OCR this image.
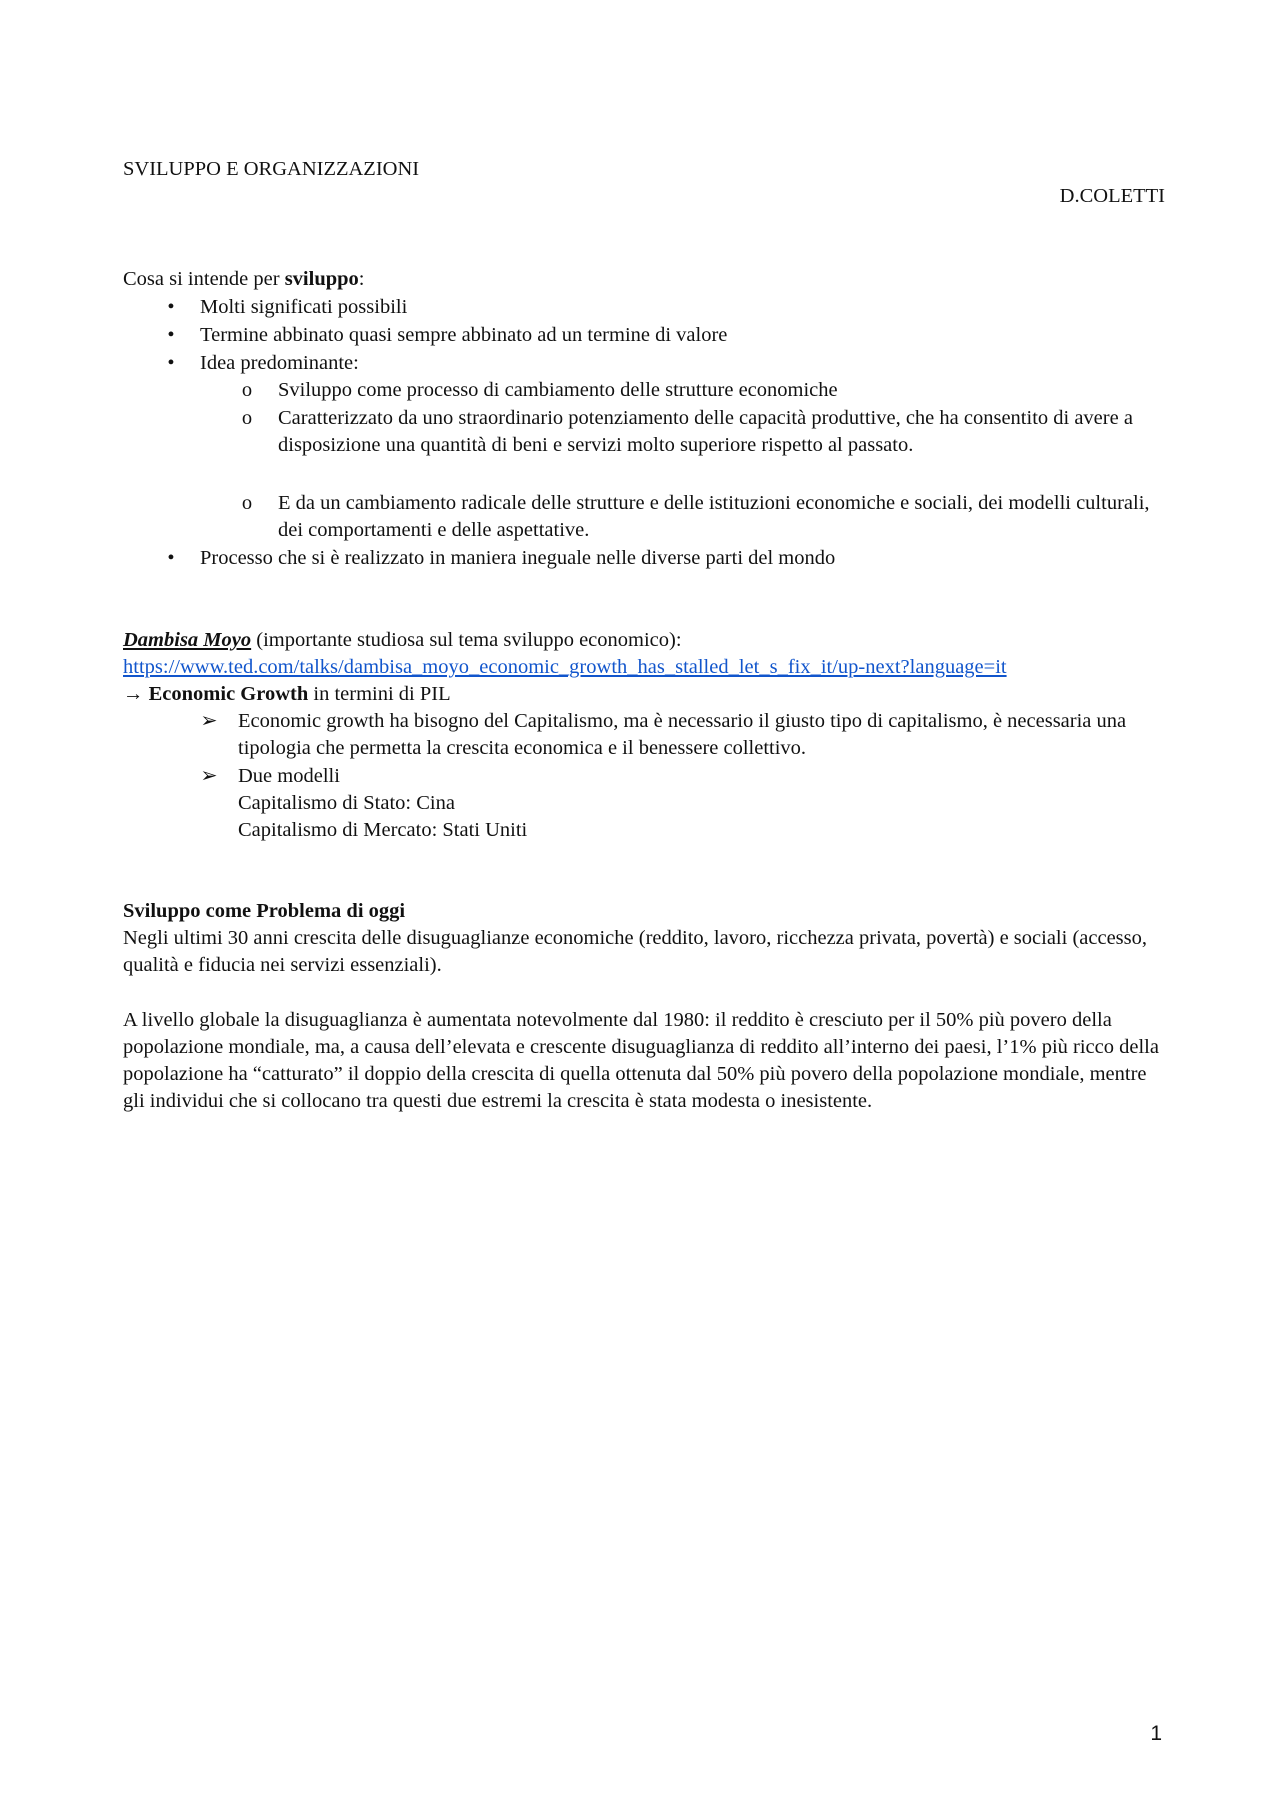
SVILUPPO E ORGANIZZAZIONI
D.COLETTI
Cosa si intende per sviluppo:
•	Molti significati possibili
•	Termine abbinato quasi sempre abbinato ad un termine di valore
•	Idea predominante:
o Sviluppo come processo di cambiamento delle strutture economiche
o Caratterizzato da uno straordinario potenziamento delle capacità produttive, che ha consentito di avere a disposizione una quantità di beni e servizi molto superiore rispetto al passato.
o E da un cambiamento radicale delle strutture e delle istituzioni economiche e sociali, dei modelli culturali, dei comportamenti e delle aspettative.
•	Processo che si è realizzato in maniera ineguale nelle diverse parti del mondo
Dambisa Moyo (importante studiosa sul tema sviluppo economico):
https://www.ted.com/talks/dambisa_moyo_economic_growth_has_stalled_let_s_fix_it/up-next?language=it
→ Economic Growth in termini di PIL
➢ Economic growth ha bisogno del Capitalismo, ma è necessario il giusto tipo di capitalismo, è necessaria una tipologia che permetta la crescita economica e il benessere collettivo.
➢ Due modelli
Capitalismo di Stato: Cina
Capitalismo di Mercato: Stati Uniti
Sviluppo come Problema di oggi
Negli ultimi 30 anni crescita delle disuguaglianze economiche (reddito, lavoro, ricchezza privata, povertà) e sociali (accesso, qualità e fiducia nei servizi essenziali).
A livello globale la disuguaglianza è aumentata notevolmente dal 1980: il reddito è cresciuto per il 50% più povero della popolazione mondiale, ma, a causa dell’elevata e crescente disuguaglianza di reddito all’interno dei paesi, l’1% più ricco della popolazione ha “catturato” il doppio della crescita di quella ottenuta dal 50% più povero della popolazione mondiale, mentre gli individui che si collocano tra questi due estremi la crescita è stata modesta o inesistente.
1
